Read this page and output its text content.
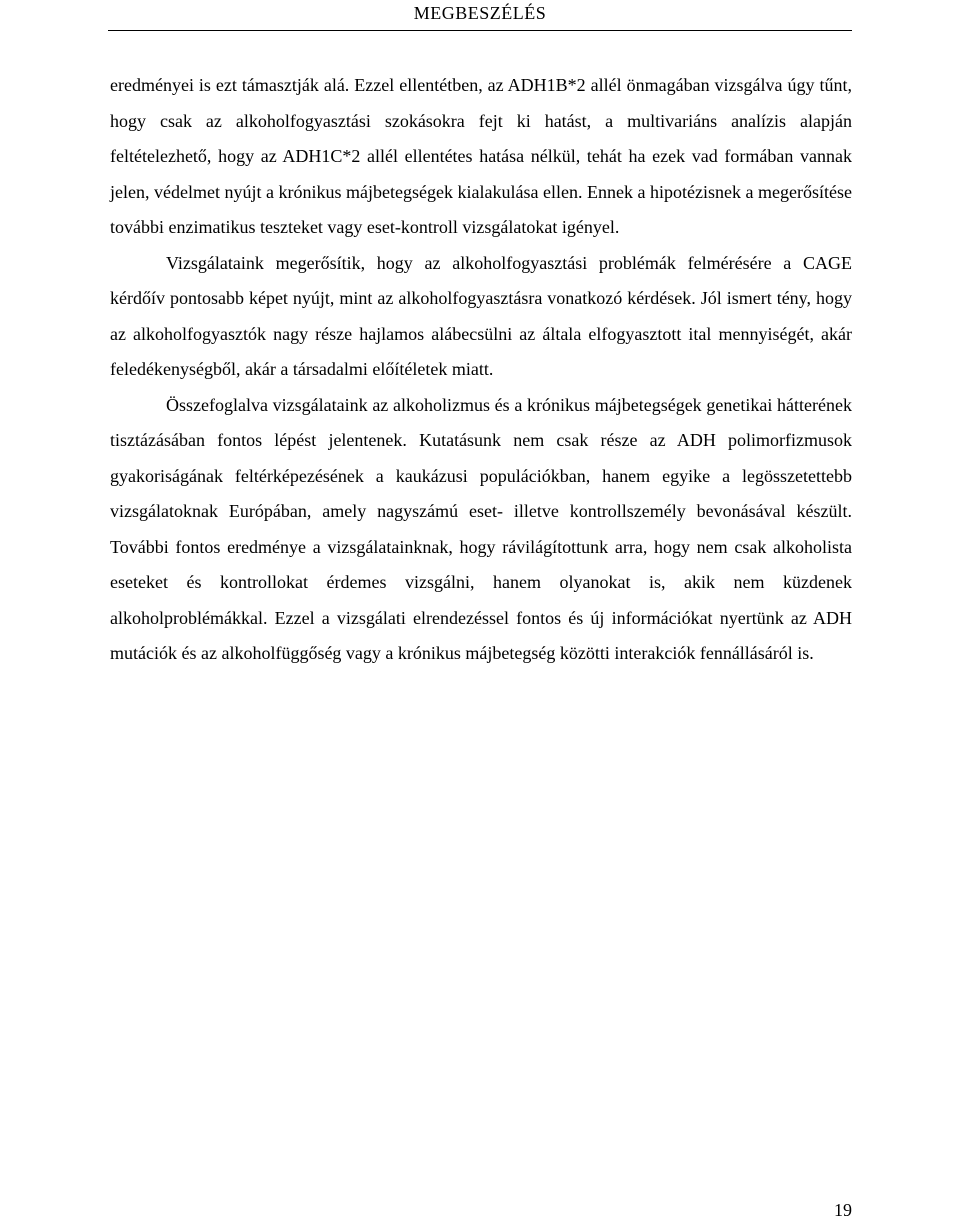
MEGBESZÉLÉS

eredményei is ezt támasztják alá. Ezzel ellentétben, az ADH1B*2 allél önmagában vizsgálva úgy tűnt, hogy csak az alkoholfogyasztási szokásokra fejt ki hatást, a multivariáns analízis alapján feltételezhető, hogy az ADH1C*2 allél ellentétes hatása nélkül, tehát ha ezek vad formában vannak jelen, védelmet nyújt a krónikus májbetegségek kialakulása ellen. Ennek a hipotézisnek a megerősítése további enzimatikus teszteket vagy eset-kontroll vizsgálatokat igényel.

Vizsgálataink megerősítik, hogy az alkoholfogyasztási problémák felmérésére a CAGE kérdőív pontosabb képet nyújt, mint az alkoholfogyasztásra vonatkozó kérdések. Jól ismert tény, hogy az alkoholfogyasztók nagy része hajlamos alábecsülni az általa elfogyasztott ital mennyiségét, akár feledékenységből, akár a társadalmi előítéletek miatt.

Összefoglalva vizsgálataink az alkoholizmus és a krónikus májbetegségek genetikai hátterének tisztázásában fontos lépést jelentenek. Kutatásunk nem csak része az ADH polimorfizmusok gyakoriságának feltérképezésének a kaukázusi populációkban, hanem egyike a legösszetettebb vizsgálatoknak Európában, amely nagyszámú eset- illetve kontrollszemély bevonásával készült. További fontos eredménye a vizsgálatainknak, hogy rávilágítottunk arra, hogy nem csak alkoholista eseteket és kontrollokat érdemes vizsgálni, hanem olyanokat is, akik nem küzdenek alkoholproblémákkal. Ezzel a vizsgálati elrendezéssel fontos és új információkat nyertünk az ADH mutációk és az alkoholfüggőség vagy a krónikus májbetegség közötti interakciók fennállásáról is.

19
